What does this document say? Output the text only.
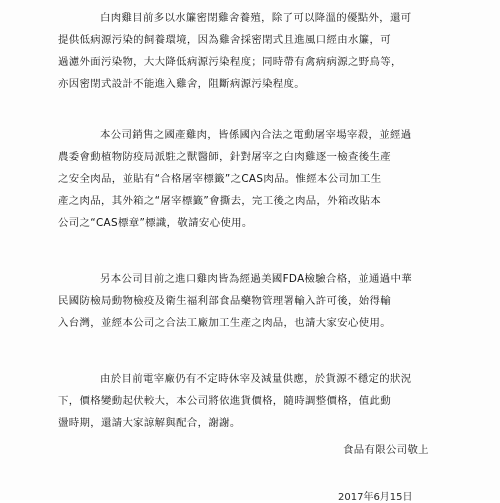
白肉雞目前多以水簾密閉雞舍養殖，除了可以降溫的優點外，還可
提供低病源污染的飼養環境，因為雞舍採密閉式且進風口經由水簾，可
過濾外面污染物，大大降低病源污染程度；同時帶有禽病病源之野鳥等，
亦因密閉式設計不能進入雞舍，阻斷病源污染程度。
本公司銷售之國產雞肉，皆係國內合法之電動屠宰場宰殺，並經過
農委會動植物防疫局派駐之獸醫師，針對屠宰之白肉雞逐一檢查後生產
之安全肉品，並貼有“合格屠宰標籤”之CAS肉品。惟經本公司加工生
產之肉品，其外箱之“屠宰標籤”會撕去，完工後之肉品，外箱改貼本
公司之“CAS標章”標識，敬請安心使用。
另本公司目前之進口雞肉皆為經過美國FDA檢驗合格，並通過中華
民國防檢局動物檢疫及衛生福利部食品藥物管理署輸入許可後，始得輸
入台灣，並經本公司之合法工廠加工生產之肉品，也請大家安心使用。
由於目前電宰廠仍有不定時休宰及減量供應，於貨源不穩定的狀況
下，價格變動起伏較大，本公司將依進貨價格，隨時調整價格，值此動
盪時期，還請大家諒解與配合，謝謝。
食品有限公司敬上
2017年6月15日
